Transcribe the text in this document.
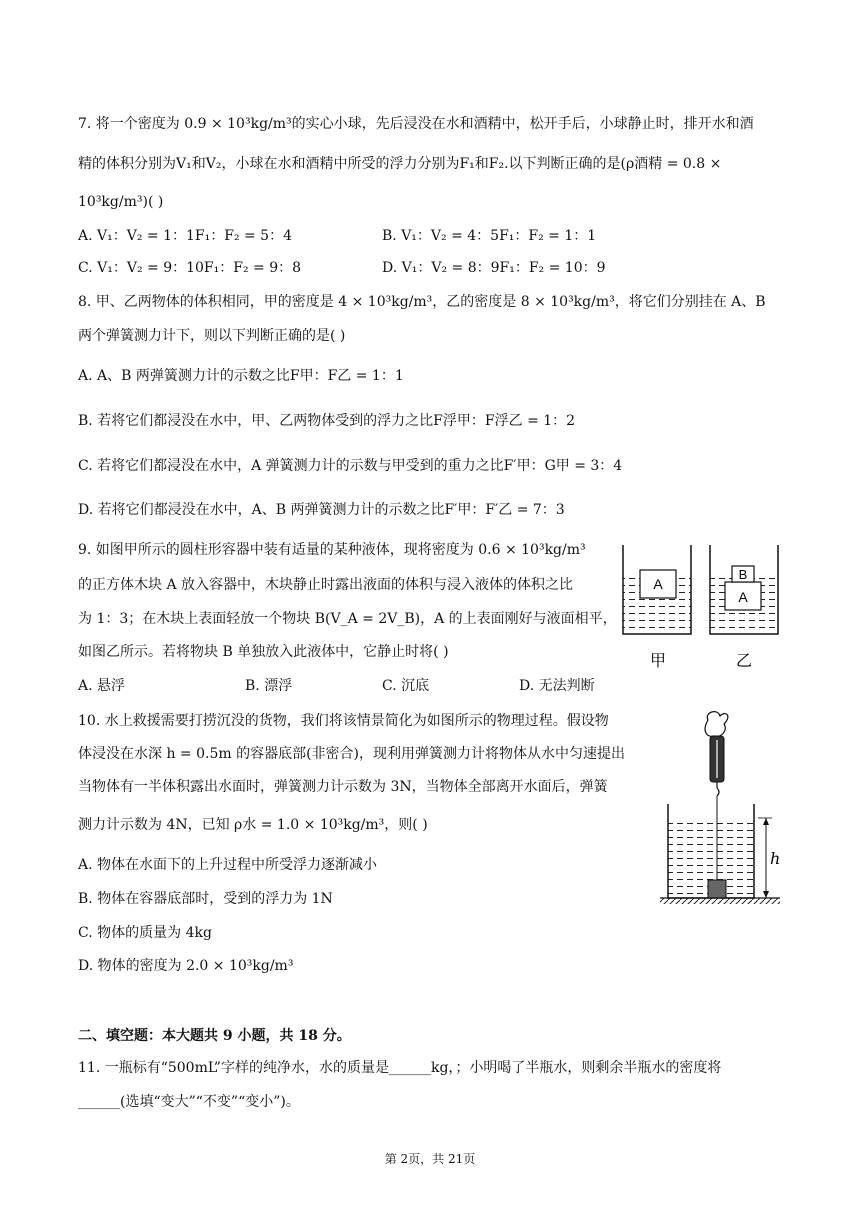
7. 将一个密度为 0.9 × 10³kg/m³的实心小球，先后浸没在水和酒精中，松开手后，小球静止时，排开水和酒
精的体积分别为V₁和V₂，小球在水和酒精中所受的浮力分别为F₁和F₂.以下判断正确的是(ρ酒精 = 0.8 ×
10³kg/m³)( )
A. V₁：V₂ = 1：1F₁：F₂ = 5：4	B. V₁：V₂ = 4：5F₁：F₂ = 1：1
C. V₁：V₂ = 9：10F₁：F₂ = 9：8	D. V₁：V₂ = 8：9F₁：F₂ = 10：9
8. 甲、乙两物体的体积相同，甲的密度是 4 × 10³kg/m³，乙的密度是 8 × 10³kg/m³，将它们分别挂在 A、B
两个弹簧测力计下，则以下判断正确的是( )
A. A、B 两弹簧测力计的示数之比F甲：F乙 = 1：1
B. 若将它们都浸没在水中，甲、乙两物体受到的浮力之比F浮甲：F浮乙 = 1：2
C. 若将它们都浸没在水中，A 弹簧测力计的示数与甲受到的重力之比F′甲：G甲 = 3：4
D. 若将它们都浸没在水中，A、B 两弹簧测力计的示数之比F′甲：F′乙 = 7：3
9. 如图甲所示的圆柱形容器中装有适量的某种液体，现将密度为 0.6 × 10³kg/m³
的正方体木块 A 放入容器中，木块静止时露出液面的体积与浸入液体的体积之比
为 1：3；在木块上表面轻放一个物块 B(V_A = 2V_B)，A 的上表面刚好与液面相平，
如图乙所示。若将物块 B 单独放入此液体中，它静止时将( )
A. 悬浮	B. 漂浮	C. 沉底	D. 无法判断
A
A
B
甲	乙
10. 水上救援需要打捞沉没的货物，我们将该情景简化为如图所示的物理过程。假设物
体浸没在水深 h = 0.5m 的容器底部(非密合)，现利用弹簧测力计将物体从水中匀速提出
当物体有一半体积露出水面时，弹簧测力计示数为 3N，当物体全部离开水面后，弹簧
测力计示数为 4N，已知 ρ水 = 1.0 × 10³kg/m³，则( )
A. 物体在水面下的上升过程中所受浮力逐渐减小
B. 物体在容器底部时，受到的浮力为 1N
C. 物体的质量为 4kg
D. 物体的密度为 2.0 × 10³kg/m³
h
二、填空题：本大题共 9 小题，共 18 分。
11. 一瓶标有“500mL”字样的纯净水，水的质量是______kg，；小明喝了半瓶水，则剩余半瓶水的密度将
______(选填“变大”“不变”“变小”)。
第 2页，共 21页
